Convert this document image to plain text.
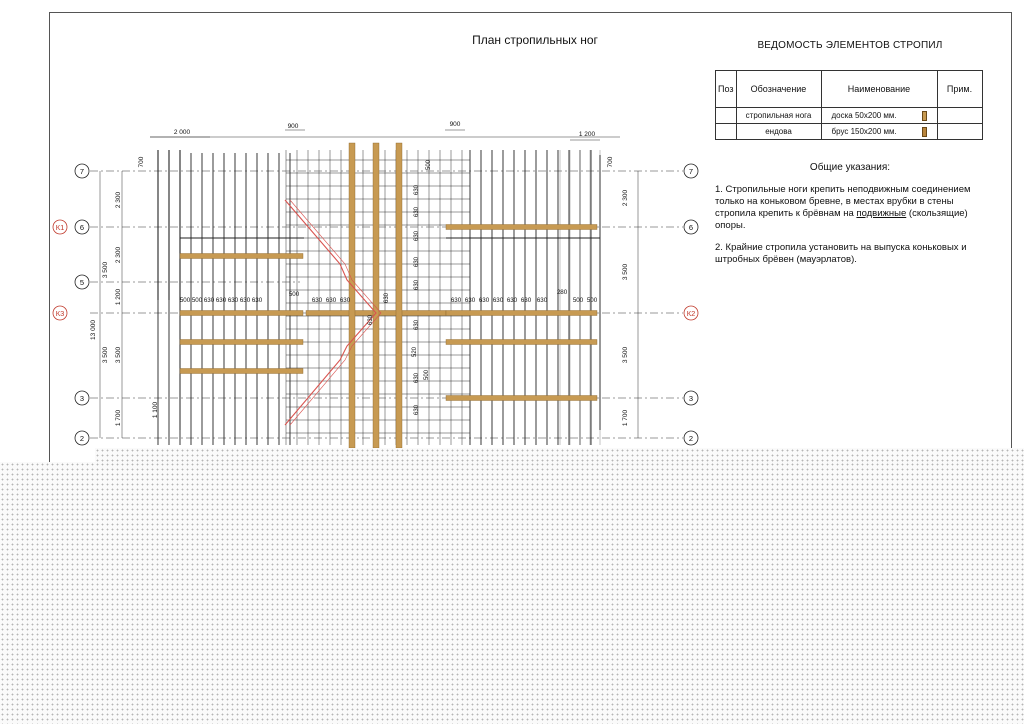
7
6
5
К3
3
2
К1
7
6
К2
3
2
2 000
900	900
1 200
3 500
13 000
3 500
2 300
2 300
1 200
3 500
1 700
700
1 100
2 300
3 500
3 500
1 700
700
500 500 630 630 630 630 630
500
630 630 630	630 630 630 630 630 630 630	500 500
280
630
630
630
630
630
630
630
630
630
630
500
500
520
План стропильных ног	ВЕДОМОСТЬ ЭЛЕМЕНТОВ СТРОПИЛ
Поз	Обозначение	Наименование	Прим.
	стропильная нога	доска 50х200 мм.

	ендова	брус 150х200 мм.

Общие указания:
1. Стропильные ноги крепить неподвижным соединением только на коньковом бревне, в местах врубки в стены стропила крепить к брёвнам на подвижные (скользящие) опоры.
2. Крайние стропила установить на выпуска коньковых и штробных брёвен (мауэрлатов).
